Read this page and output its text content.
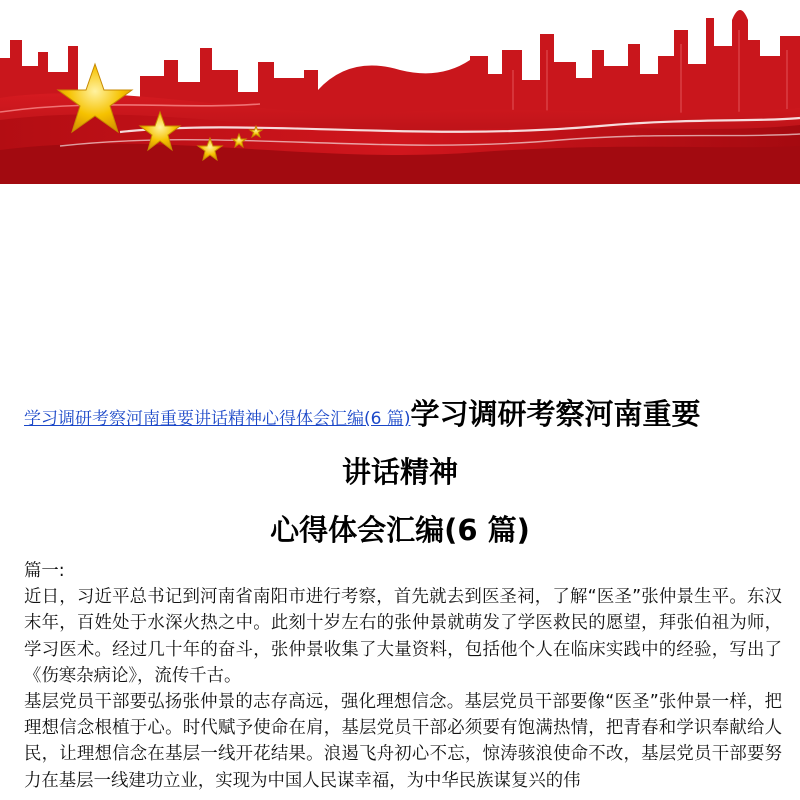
学习调研考察河南重要讲话精神心得体会汇编(6 篇)学习调研考察河南重要
讲话精神
心得体会汇编(6 篇)

篇一:

近日，习近平总书记到河南省南阳市进行考察，首先就去到医圣祠，了解“医圣”张仲景生平。东汉末年，百姓处于水深火热之中。此刻十岁左右的张仲景就萌发了学医救民的愿望，拜张伯祖为师，学习医术。经过几十年的奋斗，张仲景收集了大量资料，包括他个人在临床实践中的经验，写出了《伤寒杂病论》，流传千古。

基层党员干部要弘扬张仲景的志存高远，强化理想信念。基层党员干部要像“医圣”张仲景一样，把理想信念根植于心。时代赋予使命在肩，基层党员干部必须要有饱满热情，把青春和学识奉献给人民，让理想信念在基层一线开花结果。浪遏飞舟初心不忘，惊涛骇浪使命不改，基层党员干部要努力在基层一线建功立业，实现为中国人民谋幸福，为中华民族谋复兴的伟
